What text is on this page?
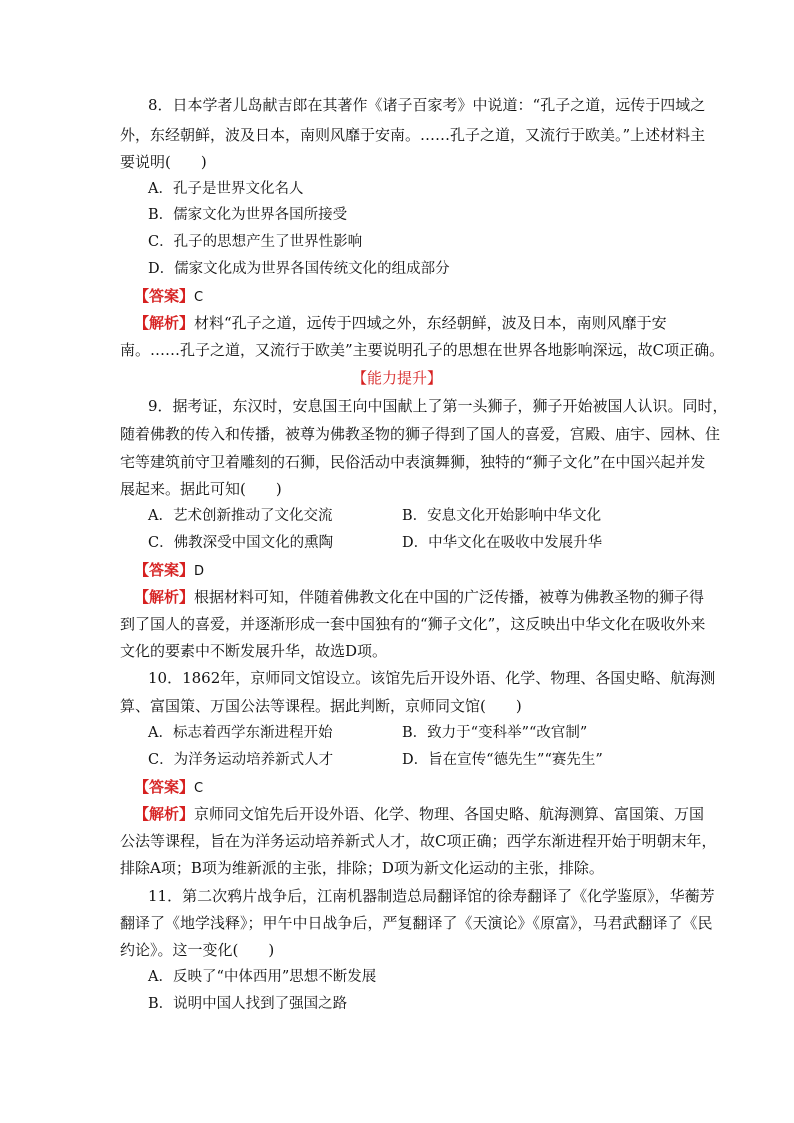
8．日本学者儿岛献吉郎在其著作《诸子百家考》中说道：“孔子之道，远传于四域之
外，东经朝鲜，波及日本，南则风靡于安南。……孔子之道，又流行于欧美。”上述材料主
要说明(　　)
A．孔子是世界文化名人
B．儒家文化为世界各国所接受
C．孔子的思想产生了世界性影响
D．儒家文化成为世界各国传统文化的组成部分
【答案】C
【解析】材料“孔子之道，远传于四域之外，东经朝鲜，波及日本，南则风靡于安
南。……孔子之道，又流行于欧美”主要说明孔子的思想在世界各地影响深远，故C项正确。
【能力提升】
9．据考证，东汉时，安息国王向中国献上了第一头狮子，狮子开始被国人认识。同时，
随着佛教的传入和传播，被尊为佛教圣物的狮子得到了国人的喜爱，宫殿、庙宇、园林、住
宅等建筑前守卫着雕刻的石狮，民俗活动中表演舞狮，独特的“狮子文化”在中国兴起并发
展起来。据此可知(　　)
A．艺术创新推动了文化交流	B．安息文化开始影响中华文化
C．佛教深受中国文化的熏陶	D．中华文化在吸收中发展升华
【答案】D
【解析】根据材料可知，伴随着佛教文化在中国的广泛传播，被尊为佛教圣物的狮子得
到了国人的喜爱，并逐渐形成一套中国独有的“狮子文化”，这反映出中华文化在吸收外来
文化的要素中不断发展升华，故选D项。
10．1862年，京师同文馆设立。该馆先后开设外语、化学、物理、各国史略、航海测
算、富国策、万国公法等课程。据此判断，京师同文馆(　　)
A．标志着西学东渐进程开始	B．致力于“变科举”“改官制”
C．为洋务运动培养新式人才	D．旨在宣传“德先生”“赛先生”
【答案】C
【解析】京师同文馆先后开设外语、化学、物理、各国史略、航海测算、富国策、万国
公法等课程，旨在为洋务运动培养新式人才，故C项正确；西学东渐进程开始于明朝末年，
排除A项；B项为维新派的主张，排除；D项为新文化运动的主张，排除。
11．第二次鸦片战争后，江南机器制造总局翻译馆的徐寿翻译了《化学鉴原》，华蘅芳
翻译了《地学浅释》；甲午中日战争后，严复翻译了《天演论》《原富》，马君武翻译了《民
约论》。这一变化(　　)
A．反映了“中体西用”思想不断发展
B．说明中国人找到了强国之路
